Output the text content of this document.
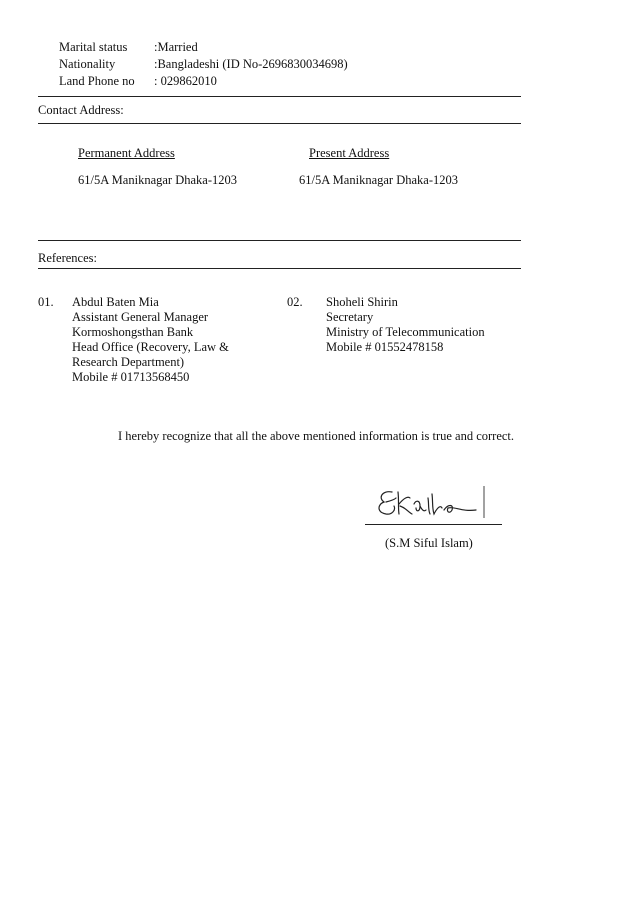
Marital status :Married
Nationality	:Bangladeshi (ID No-2696830034698)
Land Phone no : 029862010
Contact Address:
Permanent Address	Present Address
61/5A Maniknagar Dhaka-1203	61/5A Maniknagar Dhaka-1203
References:
01. Abdul Baten Mia
Assistant General Manager
Kormoshongsthan Bank
Head Office (Recovery, Law &
Research Department)
Mobile # 01713568450
02. Shoheli Shirin
Secretary
Ministry of Telecommunication
Mobile # 01552478158
I hereby recognize that all the above mentioned information is true and correct.
(S.M Siful Islam)
